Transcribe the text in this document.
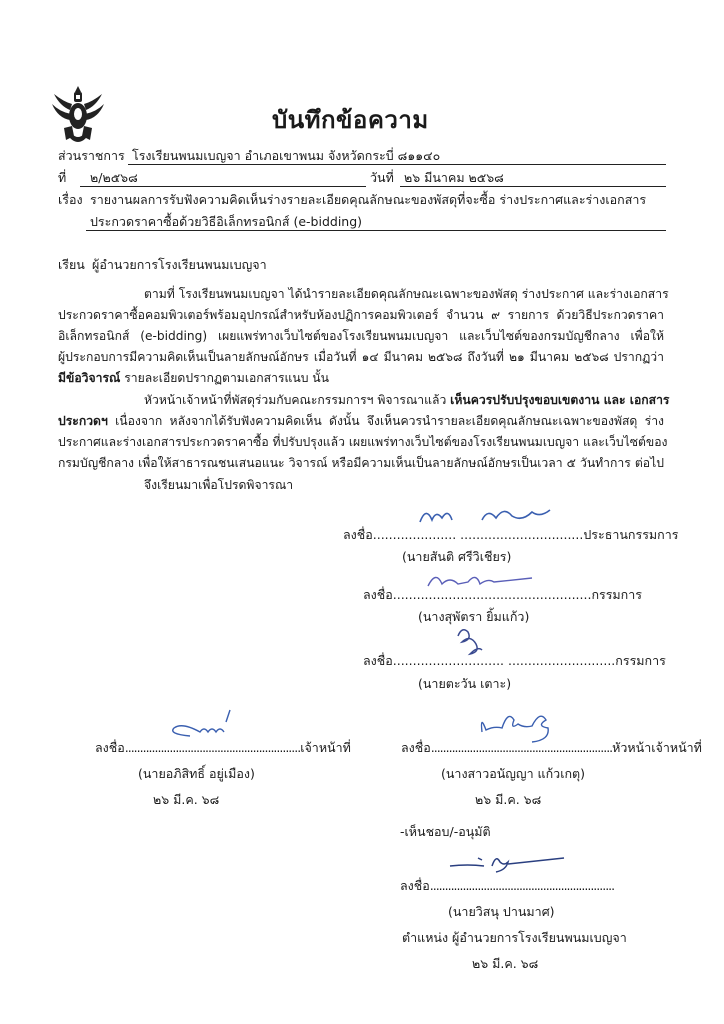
บันทึกข้อความ
ส่วนราชการ โรงเรียนพนมเบญจา อำเภอเขาพนม จังหวัดกระบี่ ๘๑๑๔๐
ที่ ๒/๒๕๖๘	วันที่ ๒๖ มีนาคม ๒๕๖๘
เรื่อง รายงานผลการรับฟังความคิดเห็นร่างรายละเอียดคุณลักษณะของพัสดุที่จะซื้อ ร่างประกาศและร่างเอกสาร
ประกวดราคาซื้อด้วยวิธีอิเล็กทรอนิกส์ (e-bidding)
เรียน ผู้อำนวยการโรงเรียนพนมเบญจา
ตามที่ โรงเรียนพนมเบญจา ได้นำรายละเอียดคุณลักษณะเฉพาะของพัสดุ ร่างประกาศ และร่างเอกสาร
ประกวดราคาซื้อคอมพิวเตอร์พร้อมอุปกรณ์สำหรับห้องปฏิการคอมพิวเตอร์ จำนวน ๙ รายการ ด้วยวิธีประกวดราคา
อิเล็กทรอนิกส์ (e-bidding) เผยแพร่ทางเว็บไซต์ของโรงเรียนพนมเบญจา และเว็บไซต์ของกรมบัญชีกลาง เพื่อให้
ผู้ประกอบการมีความคิดเห็นเป็นลายลักษณ์อักษร เมื่อวันที่ ๑๔ มีนาคม ๒๕๖๘ ถึงวันที่ ๒๑ มีนาคม ๒๕๖๘ ปรากฏว่า
มีข้อวิจารณ์ รายละเอียดปรากฏตามเอกสารแนบ นั้น
หัวหน้าเจ้าหน้าที่พัสดุร่วมกับคณะกรรมการฯ พิจารณาแล้ว เห็นควรปรับปรุงขอบเขตงาน และ เอกสาร
ประกวดฯ เนื่องจาก หลังจากได้รับฟังความคิดเห็น ดังนั้น จึงเห็นควรนำรายละเอียดคุณลักษณะเฉพาะของพัสดุ ร่าง
ประกาศและร่างเอกสารประกวดราคาซื้อ ที่ปรับปรุงแล้ว เผยแพร่ทางเว็บไซต์ของโรงเรียนพนมเบญจา และเว็บไซต์ของ
กรมบัญชีกลาง เพื่อให้สาธารณชนเสนอแนะ วิจารณ์ หรือมีความเห็นเป็นลายลักษณ์อักษรเป็นเวลา ๕ วันทำการ ต่อไป
จึงเรียนมาเพื่อโปรดพิจารณา
ลงชื่อ..................... ...............................ประธานกรรมการ
(นายสันติ ศรีวิเชียร)
ลงชื่อ..................................................กรรมการ
(นางสุพัตรา ยิ้มแก้ว)
ลงชื่อ............................ ...........................กรรมการ
(นายตะวัน เตาะ)
ลงชื่อ...........................................................เจ้าหน้าที่
(นายอภิสิทธิ์ อยู่เมือง)
๒๖ มี.ค. ๖๘
ลงชื่อ.............................................................หัวหน้าเจ้าหน้าที่
(นางสาวอนัญญา แก้วเกตุ)
๒๖ มี.ค. ๖๘
-เห็นชอบ/-อนุมัติ
ลงชื่อ..............................................................
(นายวิสนุ ปานมาศ)
ตำแหน่ง ผู้อำนวยการโรงเรียนพนมเบญจา
๒๖ มี.ค. ๖๘
